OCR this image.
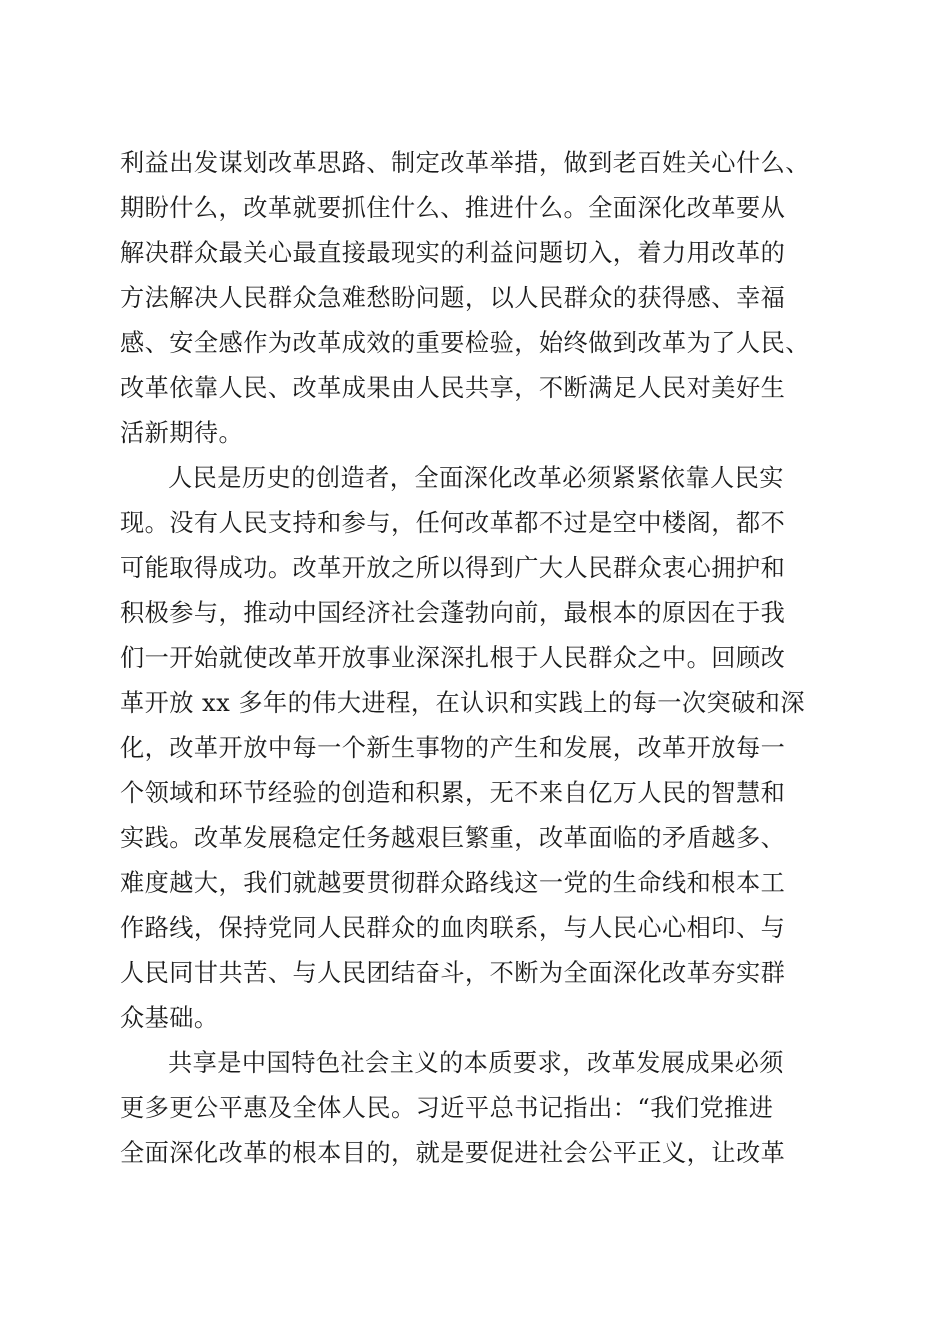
利益出发谋划改革思路、制定改革举措，做到老百姓关心什么、
期盼什么，改革就要抓住什么、推进什么。全面深化改革要从
解决群众最关心最直接最现实的利益问题切入，着力用改革的
方法解决人民群众急难愁盼问题，以人民群众的获得感、幸福
感、安全感作为改革成效的重要检验，始终做到改革为了人民、
改革依靠人民、改革成果由人民共享，不断满足人民对美好生
活新期待。
人民是历史的创造者，全面深化改革必须紧紧依靠人民实
现。没有人民支持和参与，任何改革都不过是空中楼阁，都不
可能取得成功。改革开放之所以得到广大人民群众衷心拥护和
积极参与，推动中国经济社会蓬勃向前，最根本的原因在于我
们一开始就使改革开放事业深深扎根于人民群众之中。回顾改
革开放 xx 多年的伟大进程，在认识和实践上的每一次突破和深
化，改革开放中每一个新生事物的产生和发展，改革开放每一
个领域和环节经验的创造和积累，无不来自亿万人民的智慧和
实践。改革发展稳定任务越艰巨繁重，改革面临的矛盾越多、
难度越大，我们就越要贯彻群众路线这一党的生命线和根本工
作路线，保持党同人民群众的血肉联系，与人民心心相印、与
人民同甘共苦、与人民团结奋斗，不断为全面深化改革夯实群
众基础。
共享是中国特色社会主义的本质要求，改革发展成果必须
更多更公平惠及全体人民。习近平总书记指出：“我们党推进
全面深化改革的根本目的，就是要促进社会公平正义，让改革
